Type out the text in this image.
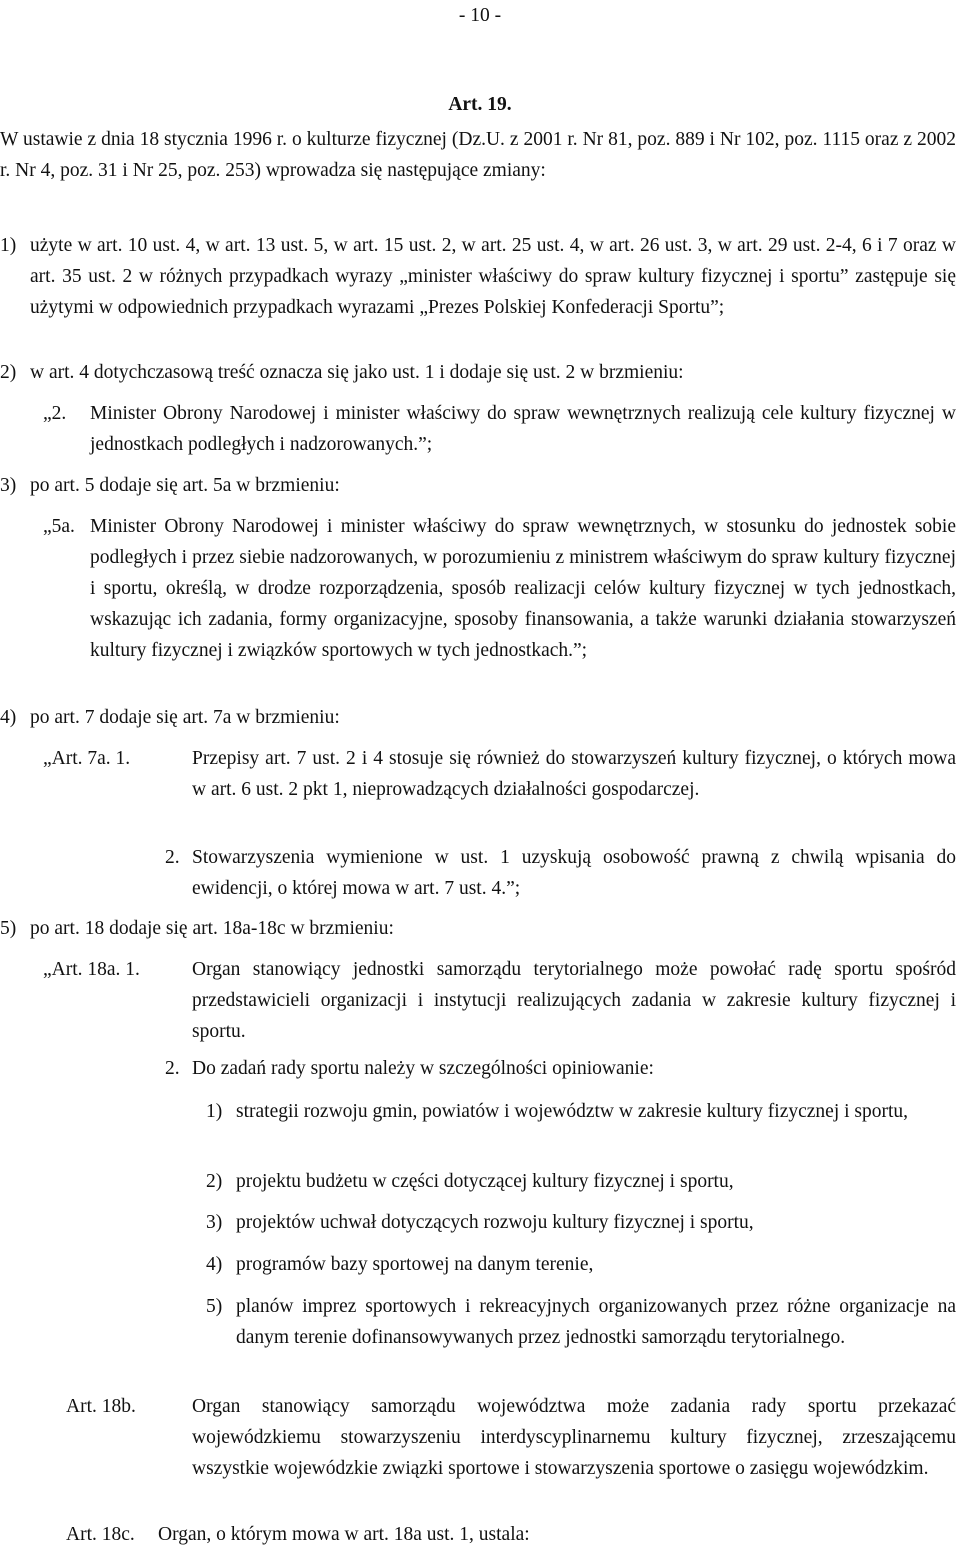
- 10 -
Art. 19.
W ustawie z dnia 18 stycznia 1996 r. o kulturze fizycznej (Dz.U. z 2001 r. Nr 81, poz. 889 i Nr 102, poz. 1115 oraz z 2002 r. Nr 4, poz. 31 i Nr 25, poz. 253) wprowadza się następujące zmiany:
1) użyte w art. 10 ust. 4, w art. 13 ust. 5, w art. 15 ust. 2, w art. 25 ust. 4, w art. 26 ust. 3, w art. 29 ust. 2-4, 6 i 7 oraz w art. 35 ust. 2 w różnych przypadkach wyrazy „minister właściwy do spraw kultury fizycznej i sportu” zastępuje się użytymi w odpowiednich przypadkach wyrazami „Prezes Polskiej Konfederacji Sportu”;
2) w art. 4 dotychczasową treść oznacza się jako ust. 1 i dodaje się ust. 2 w brzmieniu:
„2. Minister Obrony Narodowej i minister właściwy do spraw wewnętrznych realizują cele kultury fizycznej w jednostkach podległych i nadzorowanych.”;
3) po art. 5 dodaje się art. 5a w brzmieniu:
„5a. Minister Obrony Narodowej i minister właściwy do spraw wewnętrznych, w stosunku do jednostek sobie podległych i przez siebie nadzorowanych, w porozumieniu z ministrem właściwym do spraw kultury fizycznej i sportu, określą, w drodze rozporządzenia, sposób realizacji celów kultury fizycznej w tych jednostkach, wskazując ich zadania, formy organizacyjne, sposoby finansowania, a także warunki działania stowarzyszeń kultury fizycznej i związków sportowych w tych jednostkach.”;
4) po art. 7 dodaje się art. 7a w brzmieniu:
„Art. 7a. 1.	Przepisy art. 7 ust. 2 i 4 stosuje się również do stowarzyszeń kultury fizycznej, o których mowa w art. 6 ust. 2 pkt 1, nieprowadzących działalności gospodarczej.
2. Stowarzyszenia wymienione w ust. 1 uzyskują osobowość prawną z chwilą wpisania do ewidencji, o której mowa w art. 7 ust. 4.”;
5) po art. 18 dodaje się art. 18a-18c w brzmieniu:
„Art. 18a. 1.	Organ stanowiący jednostki samorządu terytorialnego może powołać radę sportu spośród przedstawicieli organizacji i instytucji realizujących zadania w zakresie kultury fizycznej i sportu.
2. Do zadań rady sportu należy w szczególności opiniowanie:
1) strategii rozwoju gmin, powiatów i województw w zakresie kultury fizycznej i sportu,
2) projektu budżetu w części dotyczącej kultury fizycznej i sportu,
3) projektów uchwał dotyczących rozwoju kultury fizycznej i sportu,
4) programów bazy sportowej na danym terenie,
5) planów imprez sportowych i rekreacyjnych organizowanych przez różne organizacje na danym terenie dofinansowywanych przez jednostki samorządu terytorialnego.
Art. 18b.	Organ stanowiący samorządu województwa może zadania rady sportu przekazać wojewódzkiemu stowarzyszeniu interdyscyplinarnemu kultury fizycznej, zrzeszającemu wszystkie wojewódzkie związki sportowe i stowarzyszenia sportowe o zasięgu wojewódzkim.
Art. 18c. Organ, o którym mowa w art. 18a ust. 1, ustala:
